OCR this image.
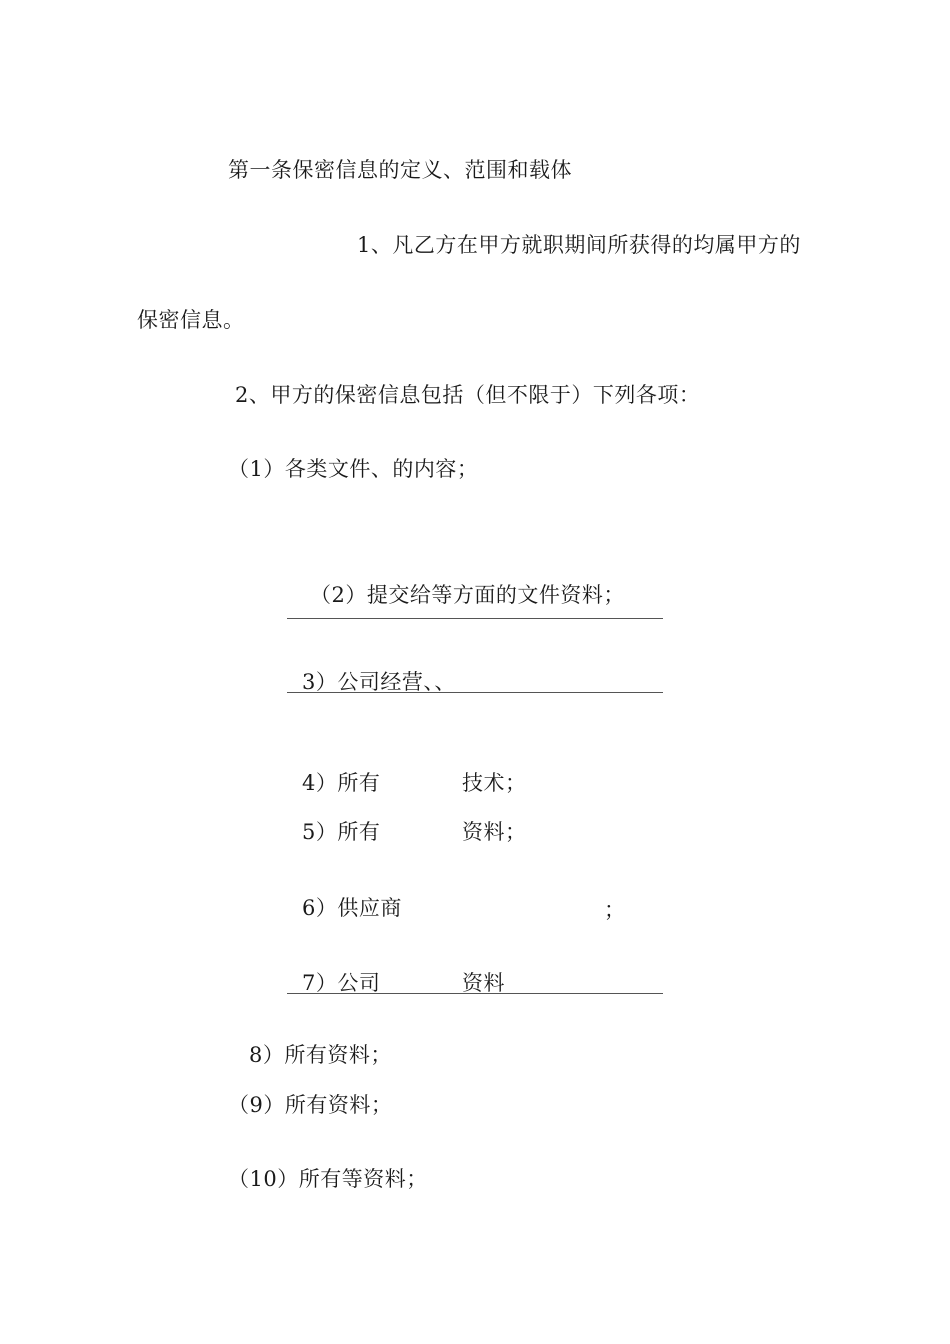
第一条保密信息的定义、范围和载体
1、凡乙方在甲方就职期间所获得的均属甲方的
保密信息。
2、甲方的保密信息包括（但不限于）下列各项：
（1）各类文件、的内容；
（2）提交给等方面的文件资料；
3）公司经营、、
4）所有	技术；
5）所有	资料；
6）供应商	；
7）公司	资料
8）所有资料；
（9）所有资料；
（10）所有等资料；
